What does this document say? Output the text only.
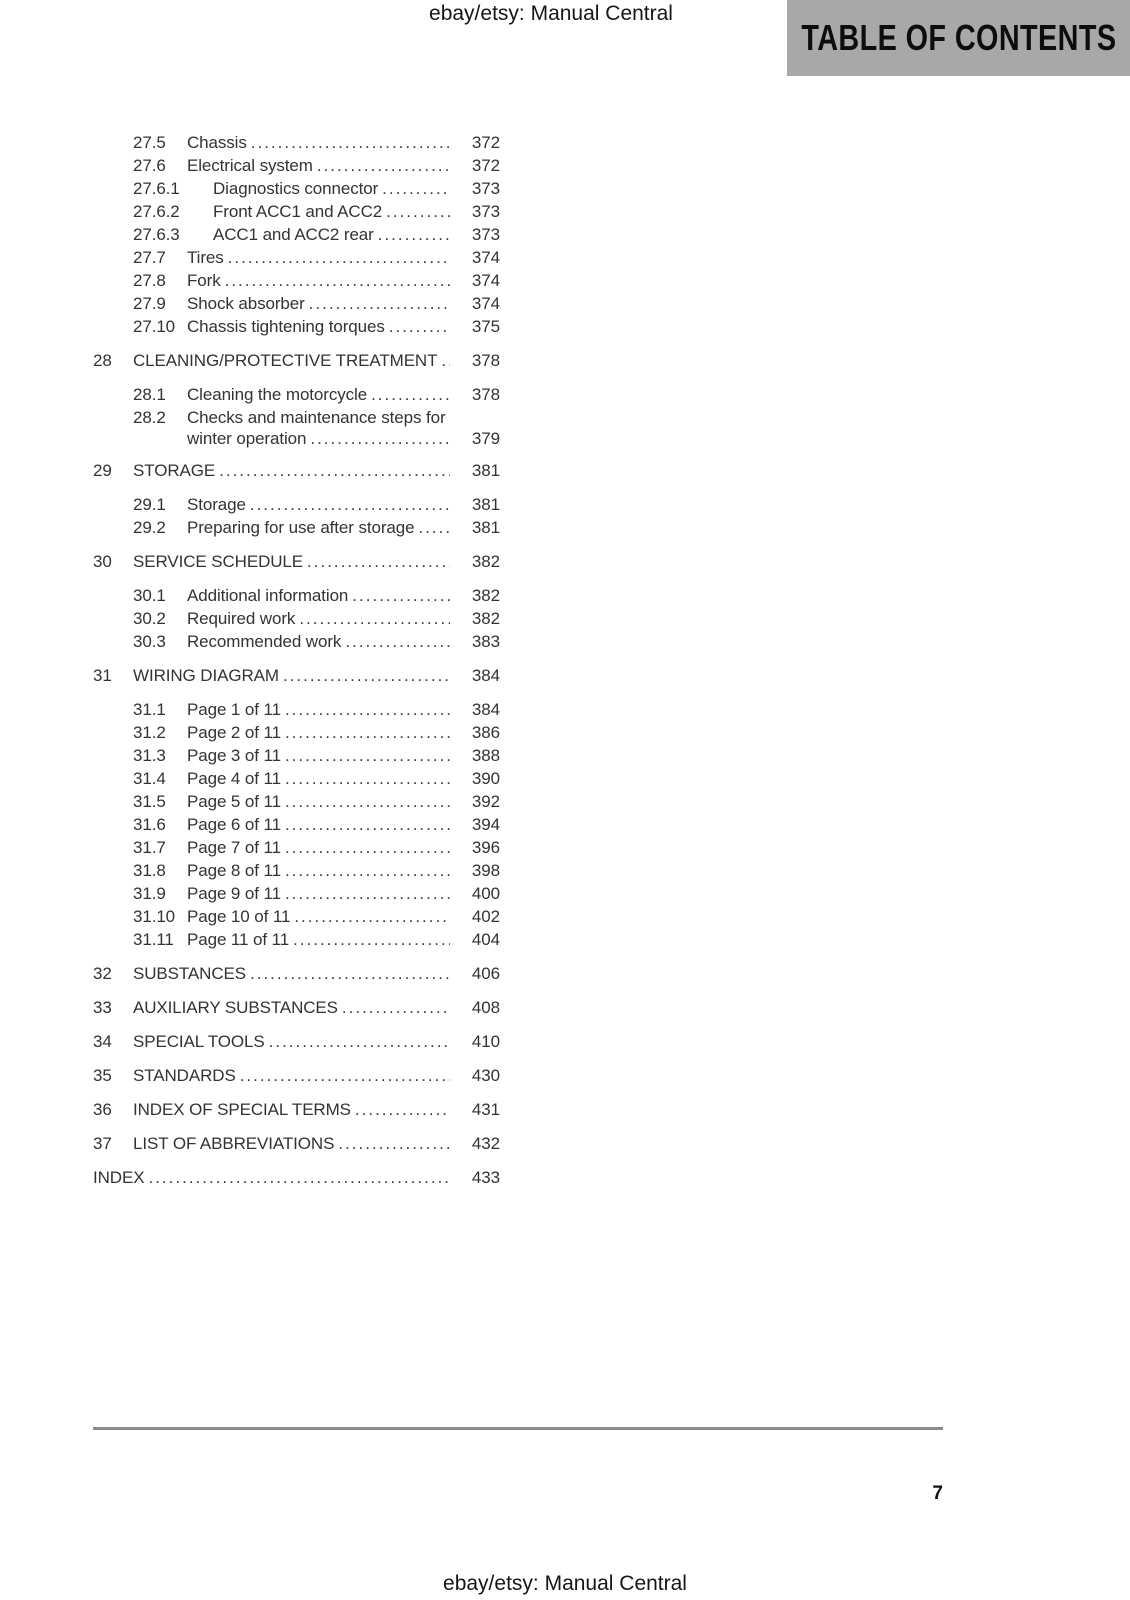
ebay/etsy: Manual Central
TABLE OF CONTENTS
27.5	Chassis .....	372
27.6	Electrical system .....	372
27.6.1	Diagnostics connector .....	373
27.6.2	Front ACC1 and ACC2 .....	373
27.6.3	ACC1 and ACC2 rear .....	373
27.7	Tires .....	374
27.8	Fork .....	374
27.9	Shock absorber .....	374
27.10 Chassis tightening torques .....	375
28	CLEANING/PROTECTIVE TREATMENT .....	378
28.1	Cleaning the motorcycle .....	378
28.2	Checks and maintenance steps for
winter operation .....	379
29	STORAGE .....	381
29.1	Storage .....	381
29.2	Preparing for use after storage .....	381
30	SERVICE SCHEDULE .....	382
30.1	Additional information .....	382
30.2	Required work .....	382
30.3	Recommended work .....	383
31	WIRING DIAGRAM .....	384
31.1	Page 1 of 11 .....	384
31.2	Page 2 of 11 .....	386
31.3	Page 3 of 11 .....	388
31.4	Page 4 of 11 .....	390
31.5	Page 5 of 11 .....	392
31.6	Page 6 of 11 .....	394
31.7	Page 7 of 11 .....	396
31.8	Page 8 of 11 .....	398
31.9	Page 9 of 11 .....	400
31.10 Page 10 of 11 .....	402
31.11 Page 11 of 11 .....	404
32	SUBSTANCES .....	406
33	AUXILIARY SUBSTANCES .....	408
34	SPECIAL TOOLS .....	410
35	STANDARDS .....	430
36	INDEX OF SPECIAL TERMS .....	431
37	LIST OF ABBREVIATIONS .....	432
INDEX .....	433
7
ebay/etsy: Manual Central
